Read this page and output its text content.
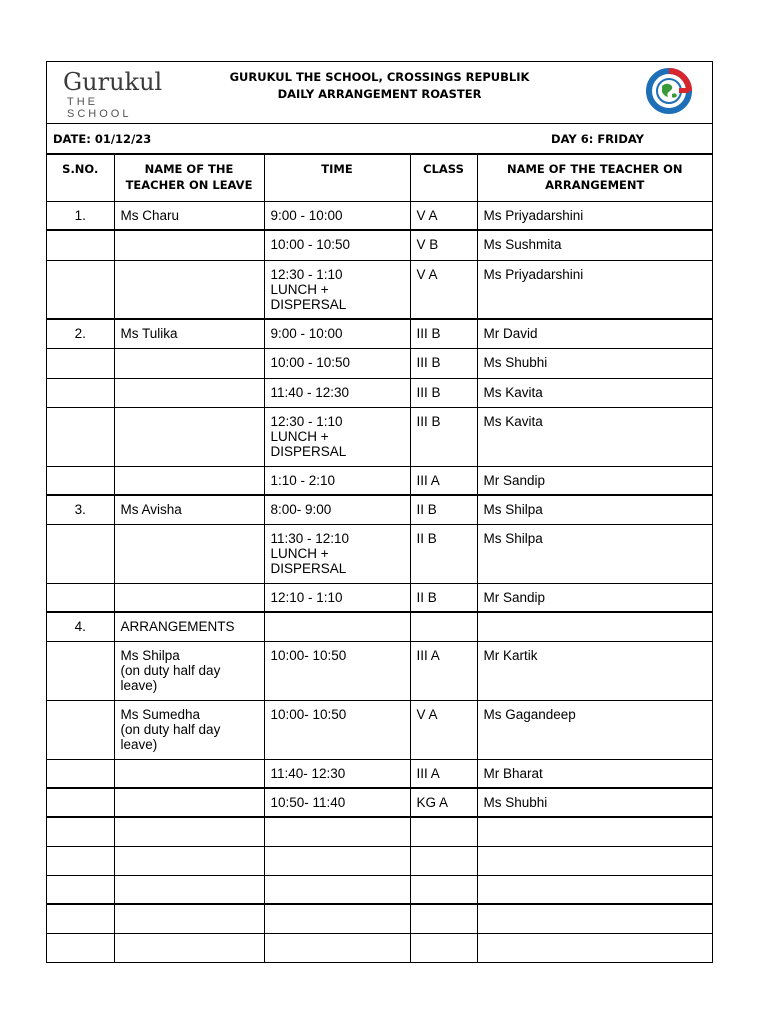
Gurukul
THE SCHOOL
GURUKUL THE SCHOOL, CROSSINGS REPUBLIK
DAILY ARRANGEMENT ROASTER
DATE: 01/12/23	DAY 6: FRIDAY
S.NO.	NAME OF THE TEACHER ON LEAVE	TIME	CLASS	NAME OF THE TEACHER ON ARRANGEMENT
1.	Ms Charu	9:00 - 10:00	V A	Ms Priyadarshini
		10:00 - 10:50	V B	Ms Sushmita
		12:30 - 1:10
LUNCH +
DISPERSAL	V A	Ms Priyadarshini
2.	Ms Tulika	9:00 - 10:00	III B	Mr David
		10:00 - 10:50	III B	Ms Shubhi
		11:40 - 12:30	III B	Ms Kavita
		12:30 - 1:10
LUNCH +
DISPERSAL	III B	Ms Kavita
		1:10 - 2:10	III A	Mr Sandip
3.	Ms Avisha	8:00- 9:00	II B	Ms Shilpa
		11:30 - 12:10
LUNCH +
DISPERSAL	II B	Ms Shilpa
		12:10 - 1:10	II B	Mr Sandip
4.	ARRANGEMENTS			
	Ms Shilpa
(on duty half day
leave)	10:00- 10:50	III A	Mr Kartik
	Ms Sumedha
(on duty half day
leave)	10:00- 10:50	V A	Ms Gagandeep
		11:40- 12:30	III A	Mr Bharat
		10:50- 11:40	KG A	Ms Shubhi
